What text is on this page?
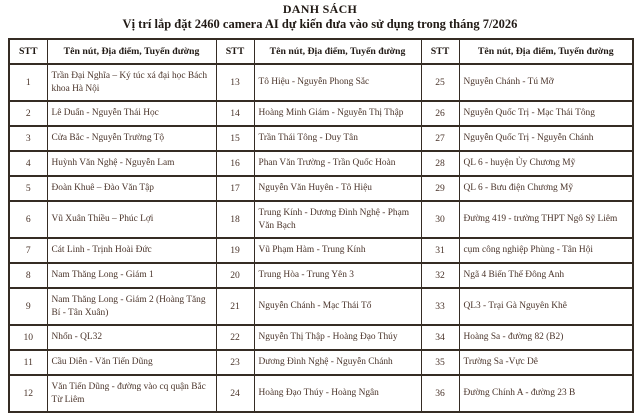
DANH SÁCH
Vị trí lắp đặt 2460 camera AI dự kiến đưa vào sử dụng trong tháng 7/2026
STT	Tên nút, Địa điểm, Tuyến đường	STT	Tên nút, Địa điểm, Tuyến đường	STT	Tên nút, Địa điểm, Tuyến đường
1	Trần Đại Nghĩa – Ký túc xá đại học Bách khoa Hà Nội	13	Tô Hiệu - Nguyễn Phong Sắc	25	Nguyễn Chánh - Tú Mỡ
2	Lê Duẩn - Nguyễn Thái Học	14	Hoàng Minh Giám - Nguyễn Thị Thập	26	Nguyễn Quốc Trị - Mạc Thái Tông
3	Cửa Bắc - Nguyễn Trường Tộ	15	Trần Thái Tông - Duy Tân	27	Nguyễn Quốc Trị - Nguyễn Chánh
4	Huỳnh Văn Nghệ - Nguyễn Lam	16	Phan Văn Trường - Trần Quốc Hoàn	28	QL 6 - huyện Ủy Chương Mỹ
5	Đoàn Khuê – Đào Văn Tập	17	Nguyễn Văn Huyên - Tô Hiệu	29	QL 6 - Bưu điện Chương Mỹ
6	Vũ Xuân Thiều – Phúc Lợi	18	Trung Kính - Dương Đình Nghệ - Phạm Văn Bạch	30	Đường 419 - trường THPT Ngô Sỹ Liêm
7	Cát Linh - Trịnh Hoài Đức	19	Vũ Phạm Hàm - Trung Kính	31	cụm công nghiệp Phùng - Tân Hội
8	Nam Thăng Long - Giám 1	20	Trung Hòa - Trung Yên 3	32	Ngã 4 Biến Thế Đông Anh
9	Nam Thăng Long - Giám 2 (Hoàng Tăng Bí - Tân Xuân)	21	Nguyễn Chánh - Mạc Thái Tổ	33	QL3 - Trại Gà Nguyên Khê
10	Nhổn - QL32	22	Nguyễn Thị Thập - Hoàng Đạo Thúy	34	Hoàng Sa - đường 82 (B2)
11	Cầu Diễn - Văn Tiến Dũng	23	Dương Đình Nghệ - Nguyễn Chánh	35	Trường Sa -Vực Dê
12	Văn Tiến Dũng - đường vào cq quận Bắc Từ Liêm	24	Hoàng Đạo Thúy - Hoàng Ngân	36	Đường Chính A - đường 23 B
